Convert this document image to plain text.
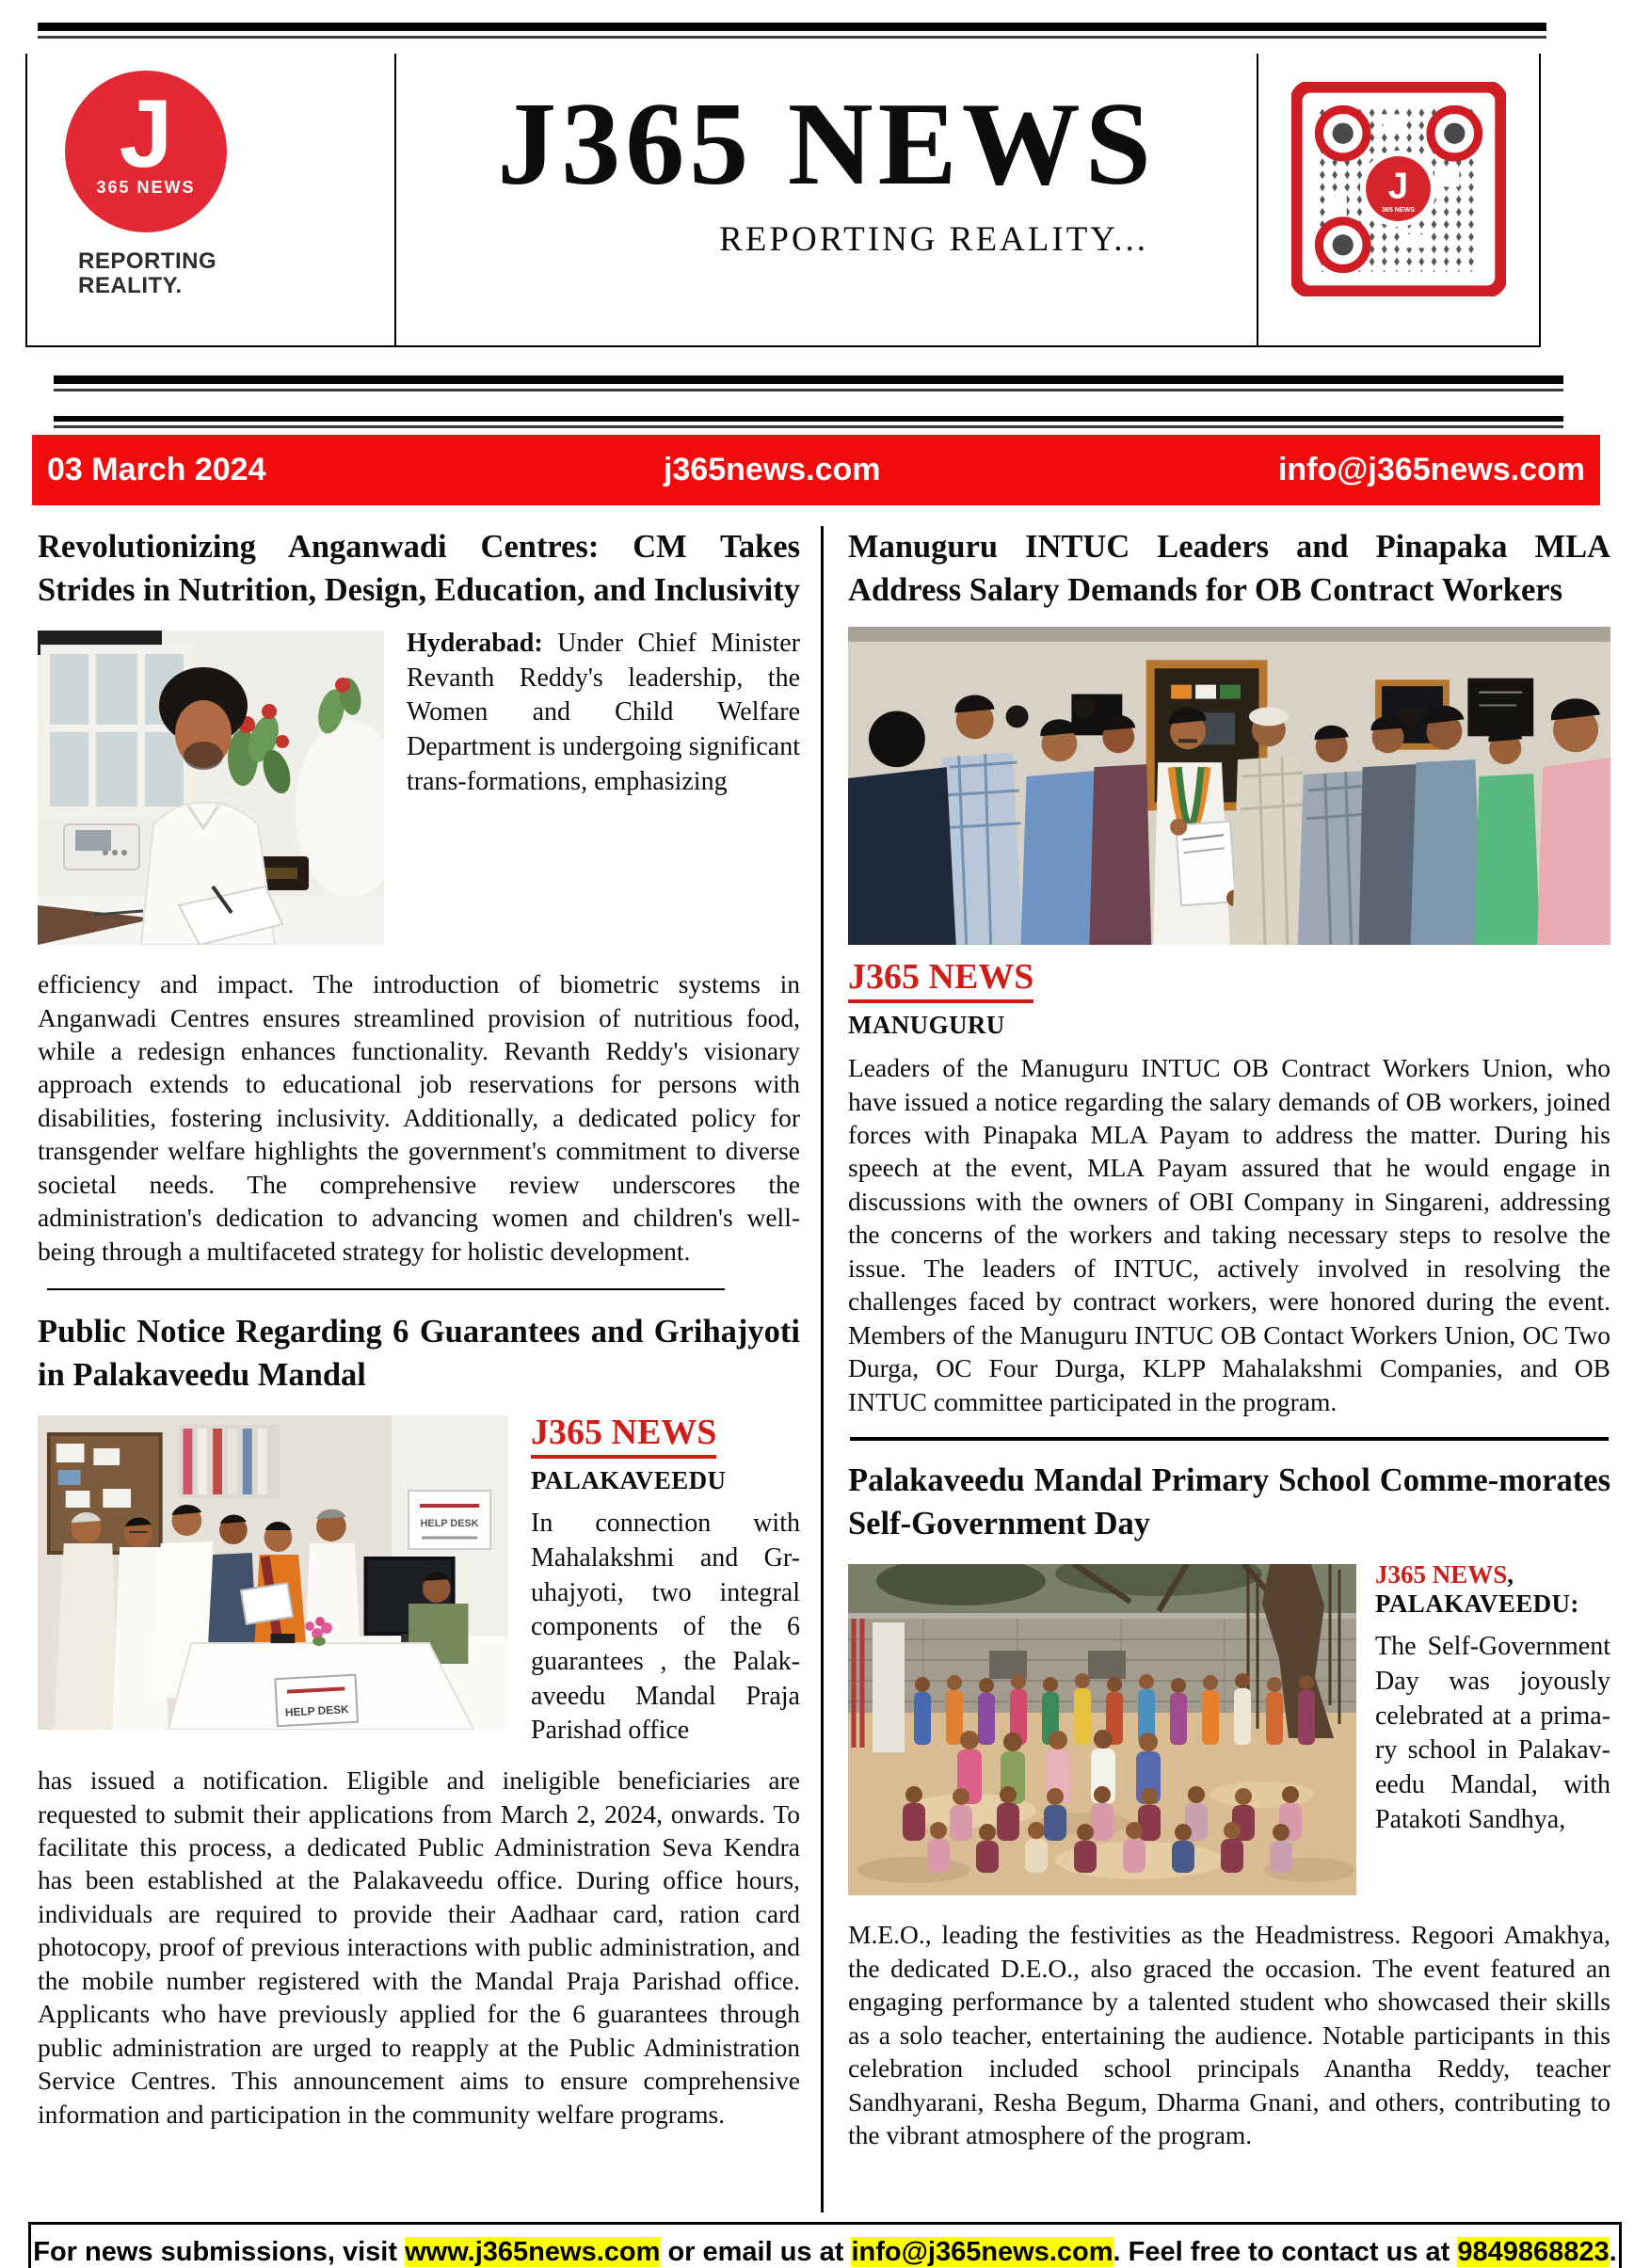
J
365 NEWS
REPORTING
REALITY.
J365 NEWS
REPORTING REALITY...
J
365 NEWS
03 March 2024	j365news.com	info@j365news.com
Revolutionizing Anganwadi Centres: CM Takes Strides in Nutrition, Design, Education, and Inclusivity

Hyderabad: Under Chief Minister Revanth Reddy's leadership, the Women and Child Welfare Department is undergoing significant trans-formations, emphasizing

efficiency and impact. The introduction of biometric systems in Anganwadi Centres ensures streamlined provision of nutritious food, while a redesign enhances functionality. Revanth Reddy's visionary approach extends to educational job reservations for persons with disabilities, fostering inclusivity. Additionally, a dedicated policy for transgender welfare highlights the government's commitment to diverse societal needs. The comprehensive review underscores the administration's dedication to advancing women and children's well-being through a multifaceted strategy for holistic development.

Public Notice Regarding 6 Guarantees and Grihajyoti in Palakaveedu Mandal
HELP DESK
HELP DESK
J365 NEWS
PALAKAVEEDU

In connection with Mahalakshmi and Gr-uhajyoti, two integral components of the 6 guarantees , the Palak-aveedu Mandal Praja Parishad office

has issued a notification. Eligible and ineligible beneficiaries are requested to submit their applications from March 2, 2024, onwards. To facilitate this process, a dedicated Public Administration Seva Kendra has been established at the Palakaveedu office. During office hours, individuals are required to provide their Aadhaar card, ration card photocopy, proof of previous interactions with public administration, and the mobile number registered with the Mandal Praja Parishad office. Applicants who have previously applied for the 6 guarantees through public administration are urged to reapply at the Public Administration Service Centres. This announcement aims to ensure comprehensive information and participation in the community welfare programs.

Manuguru INTUC Leaders and Pinapaka MLA Address Salary Demands for OB Contract Workers
J365 NEWS
MANUGURU

Leaders of the Manuguru INTUC OB Contract Workers Union, who have issued a notice regarding the salary demands of OB workers, joined forces with Pinapaka MLA Payam to address the matter. During his speech at the event, MLA Payam assured that he would engage in discussions with the owners of OBI Company in Singareni, addressing the concerns of the workers and taking necessary steps to resolve the issue. The leaders of INTUC, actively involved in resolving the challenges faced by contract workers, were honored during the event. Members of the Manuguru INTUC OB Contact Workers Union, OC Two Durga, OC Four Durga, KLPP Mahalakshmi Companies, and OB INTUC committee participated in the program.

Palakaveedu Mandal Primary School Comme-morates Self-Government Day
J365 NEWS,
PALAKAVEEDU:

The Self-Government Day was joyously celebrated at a prima-ry school in Palakav-eedu Mandal, with Patakoti Sandhya,

M.E.O., leading the festivities as the Headmistress. Regoori Amakhya, the dedicated D.E.O., also graced the occasion. The event featured an engaging performance by a talented student who showcased their skills as a solo teacher, entertaining the audience. Notable participants in this celebration included school principals Anantha Reddy, teacher Sandhyarani, Resha Begum, Dharma Gnani, and others, contributing to the vibrant atmosphere of the program.

For news submissions, visit www.j365news.com or email us at info@j365news.com. Feel free to contact us at 9849868823.
